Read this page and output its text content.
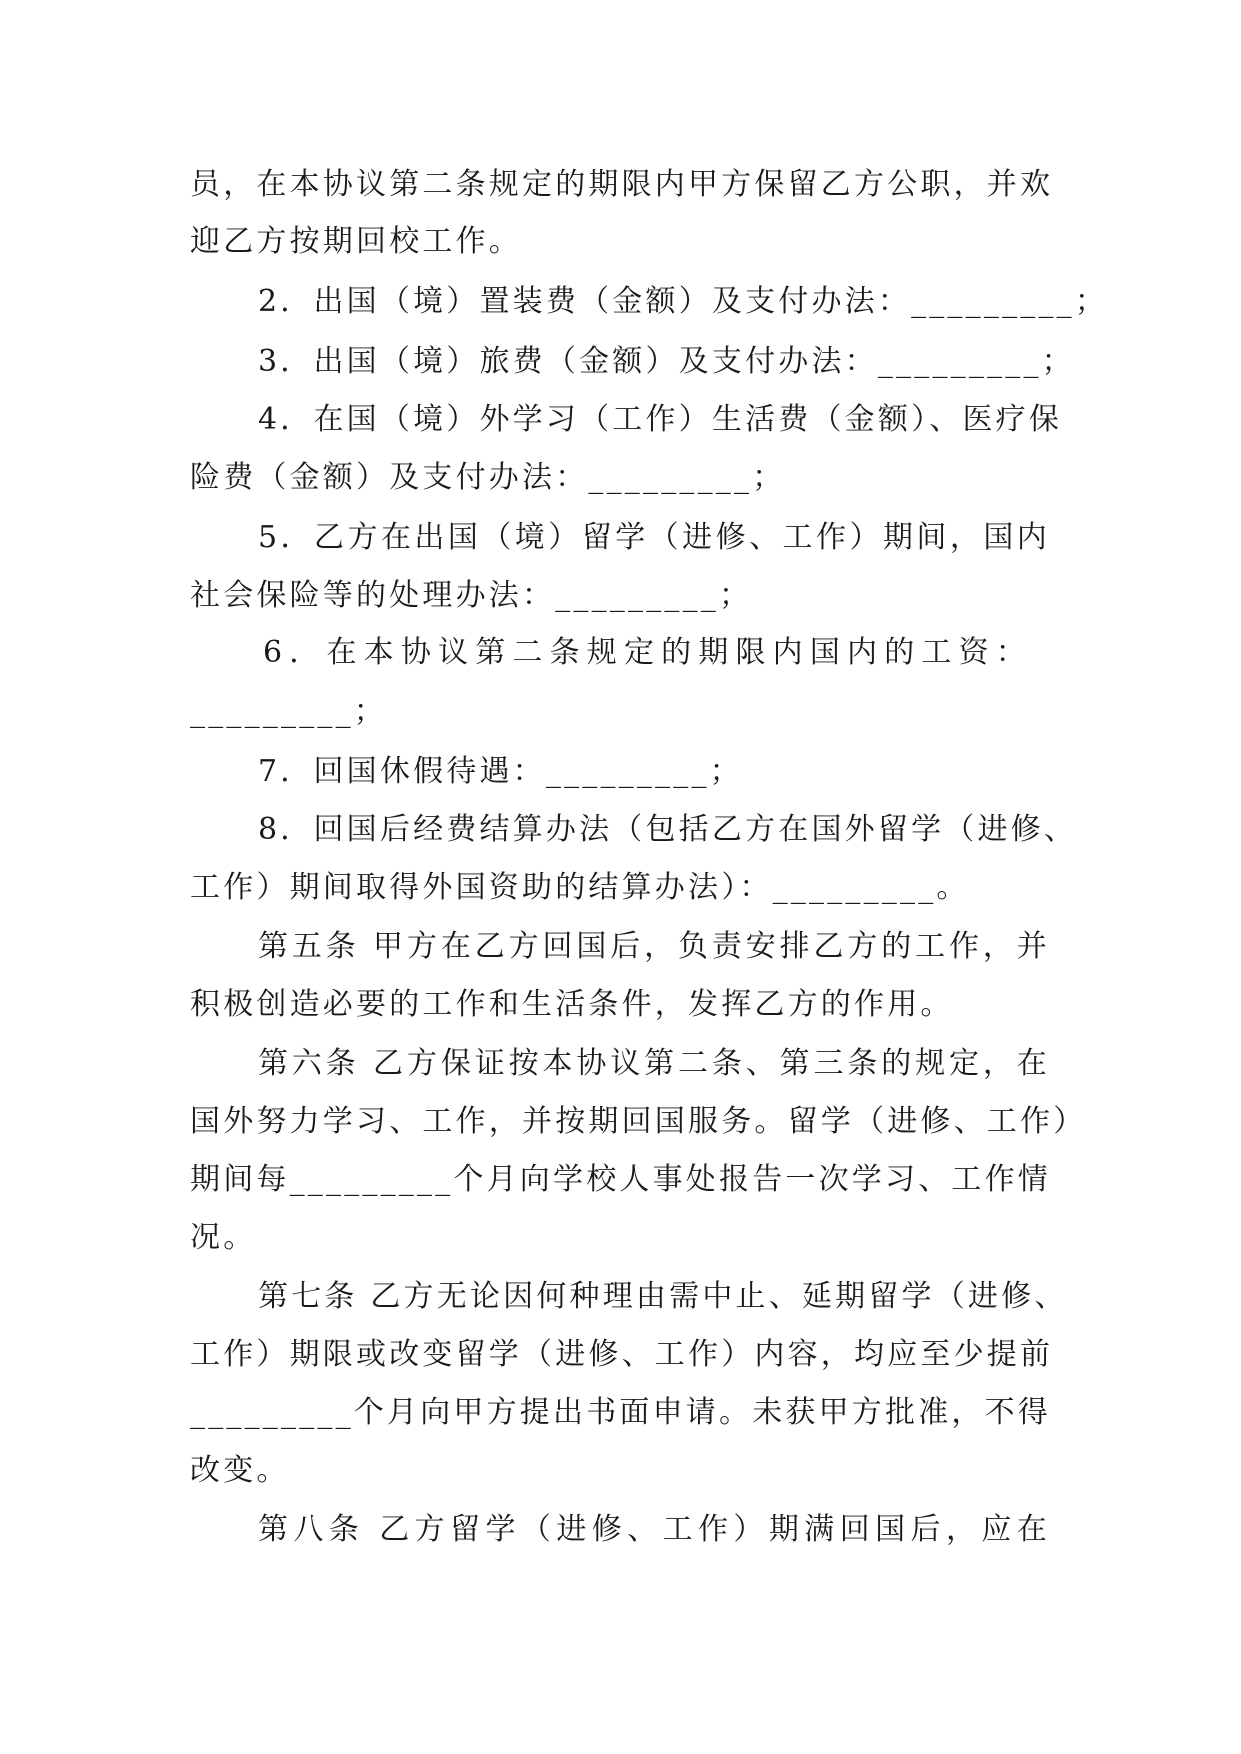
员，在本协议第二条规定的期限内甲方保留乙方公职，并欢
迎乙方按期回校工作。
2．出国（境）置装费（金额）及支付办法：_________；
3．出国（境）旅费（金额）及支付办法：_________；
4．在国（境）外学习（工作）生活费（金额）、医疗保
险费（金额）及支付办法：_________；
5．乙方在出国（境）留学（进修、工作）期间，国内
社会保险等的处理办法：_________；
6．在本协议第二条规定的期限内国内的工资：
_________；
7．回国休假待遇：_________；
8．回国后经费结算办法（包括乙方在国外留学（进修、
工作）期间取得外国资助的结算办法）：_________。
第五条 甲方在乙方回国后，负责安排乙方的工作，并
积极创造必要的工作和生活条件，发挥乙方的作用。
第六条 乙方保证按本协议第二条、第三条的规定，在
国外努力学习、工作，并按期回国服务。留学（进修、工作）
期间每_________个月向学校人事处报告一次学习、工作情
况。
第七条 乙方无论因何种理由需中止、延期留学（进修、
工作）期限或改变留学（进修、工作）内容，均应至少提前
_________个月向甲方提出书面申请。未获甲方批准，不得
改变。
第八条 乙方留学（进修、工作）期满回国后，应在
